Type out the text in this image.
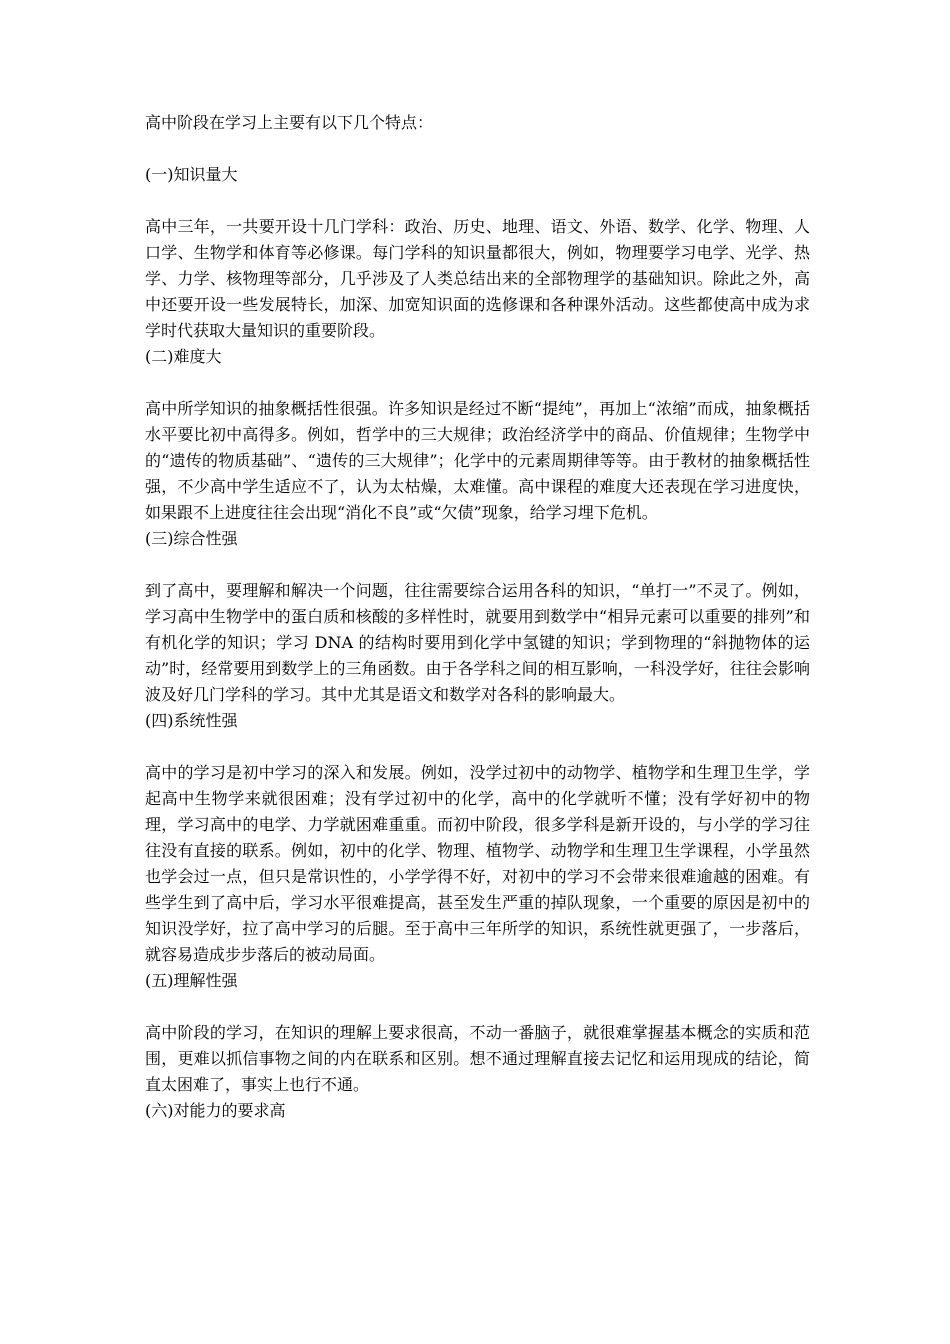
高中阶段在学习上主要有以下几个特点：

(一)知识量大

高中三年，一共要开设十几门学科：政治、历史、地理、语文、外语、数学、化学、物理、人口学、生物学和体育等必修课。每门学科的知识量都很大，例如，物理要学习电学、光学、热学、力学、核物理等部分，几乎涉及了人类总结出来的全部物理学的基础知识。除此之外，高中还要开设一些发展特长，加深、加宽知识面的选修课和各种课外活动。这些都使高中成为求学时代获取大量知识的重要阶段。

(二)难度大

高中所学知识的抽象概括性很强。许多知识是经过不断“提纯”，再加上“浓缩”而成，抽象概括水平要比初中高得多。例如，哲学中的三大规律；政治经济学中的商品、价值规律；生物学中的“遗传的物质基础”、“遗传的三大规律”；化学中的元素周期律等等。由于教材的抽象概括性强，不少高中学生适应不了，认为太枯燥，太难懂。高中课程的难度大还表现在学习进度快，如果跟不上进度往往会出现“消化不良”或“欠债”现象，给学习埋下危机。

(三)综合性强

到了高中，要理解和解决一个问题，往往需要综合运用各科的知识，“单打一”不灵了。例如，学习高中生物学中的蛋白质和核酸的多样性时，就要用到数学中“相异元素可以重要的排列”和有机化学的知识；学习 DNA 的结构时要用到化学中氢键的知识；学到物理的“斜抛物体的运动”时，经常要用到数学上的三角函数。由于各学科之间的相互影响，一科没学好，往往会影响波及好几门学科的学习。其中尤其是语文和数学对各科的影响最大。

(四)系统性强

高中的学习是初中学习的深入和发展。例如，没学过初中的动物学、植物学和生理卫生学，学起高中生物学来就很困难；没有学过初中的化学，高中的化学就听不懂；没有学好初中的物理，学习高中的电学、力学就困难重重。而初中阶段，很多学科是新开设的，与小学的学习往往没有直接的联系。例如，初中的化学、物理、植物学、动物学和生理卫生学课程，小学虽然也学会过一点，但只是常识性的，小学学得不好，对初中的学习不会带来很难逾越的困难。有些学生到了高中后，学习水平很难提高，甚至发生严重的掉队现象，一个重要的原因是初中的知识没学好，拉了高中学习的后腿。至于高中三年所学的知识，系统性就更强了，一步落后，就容易造成步步落后的被动局面。

(五)理解性强

高中阶段的学习，在知识的理解上要求很高，不动一番脑子，就很难掌握基本概念的实质和范围，更难以抓信事物之间的内在联系和区别。想不通过理解直接去记忆和运用现成的结论，简直太困难了，事实上也行不通。

(六)对能力的要求高
